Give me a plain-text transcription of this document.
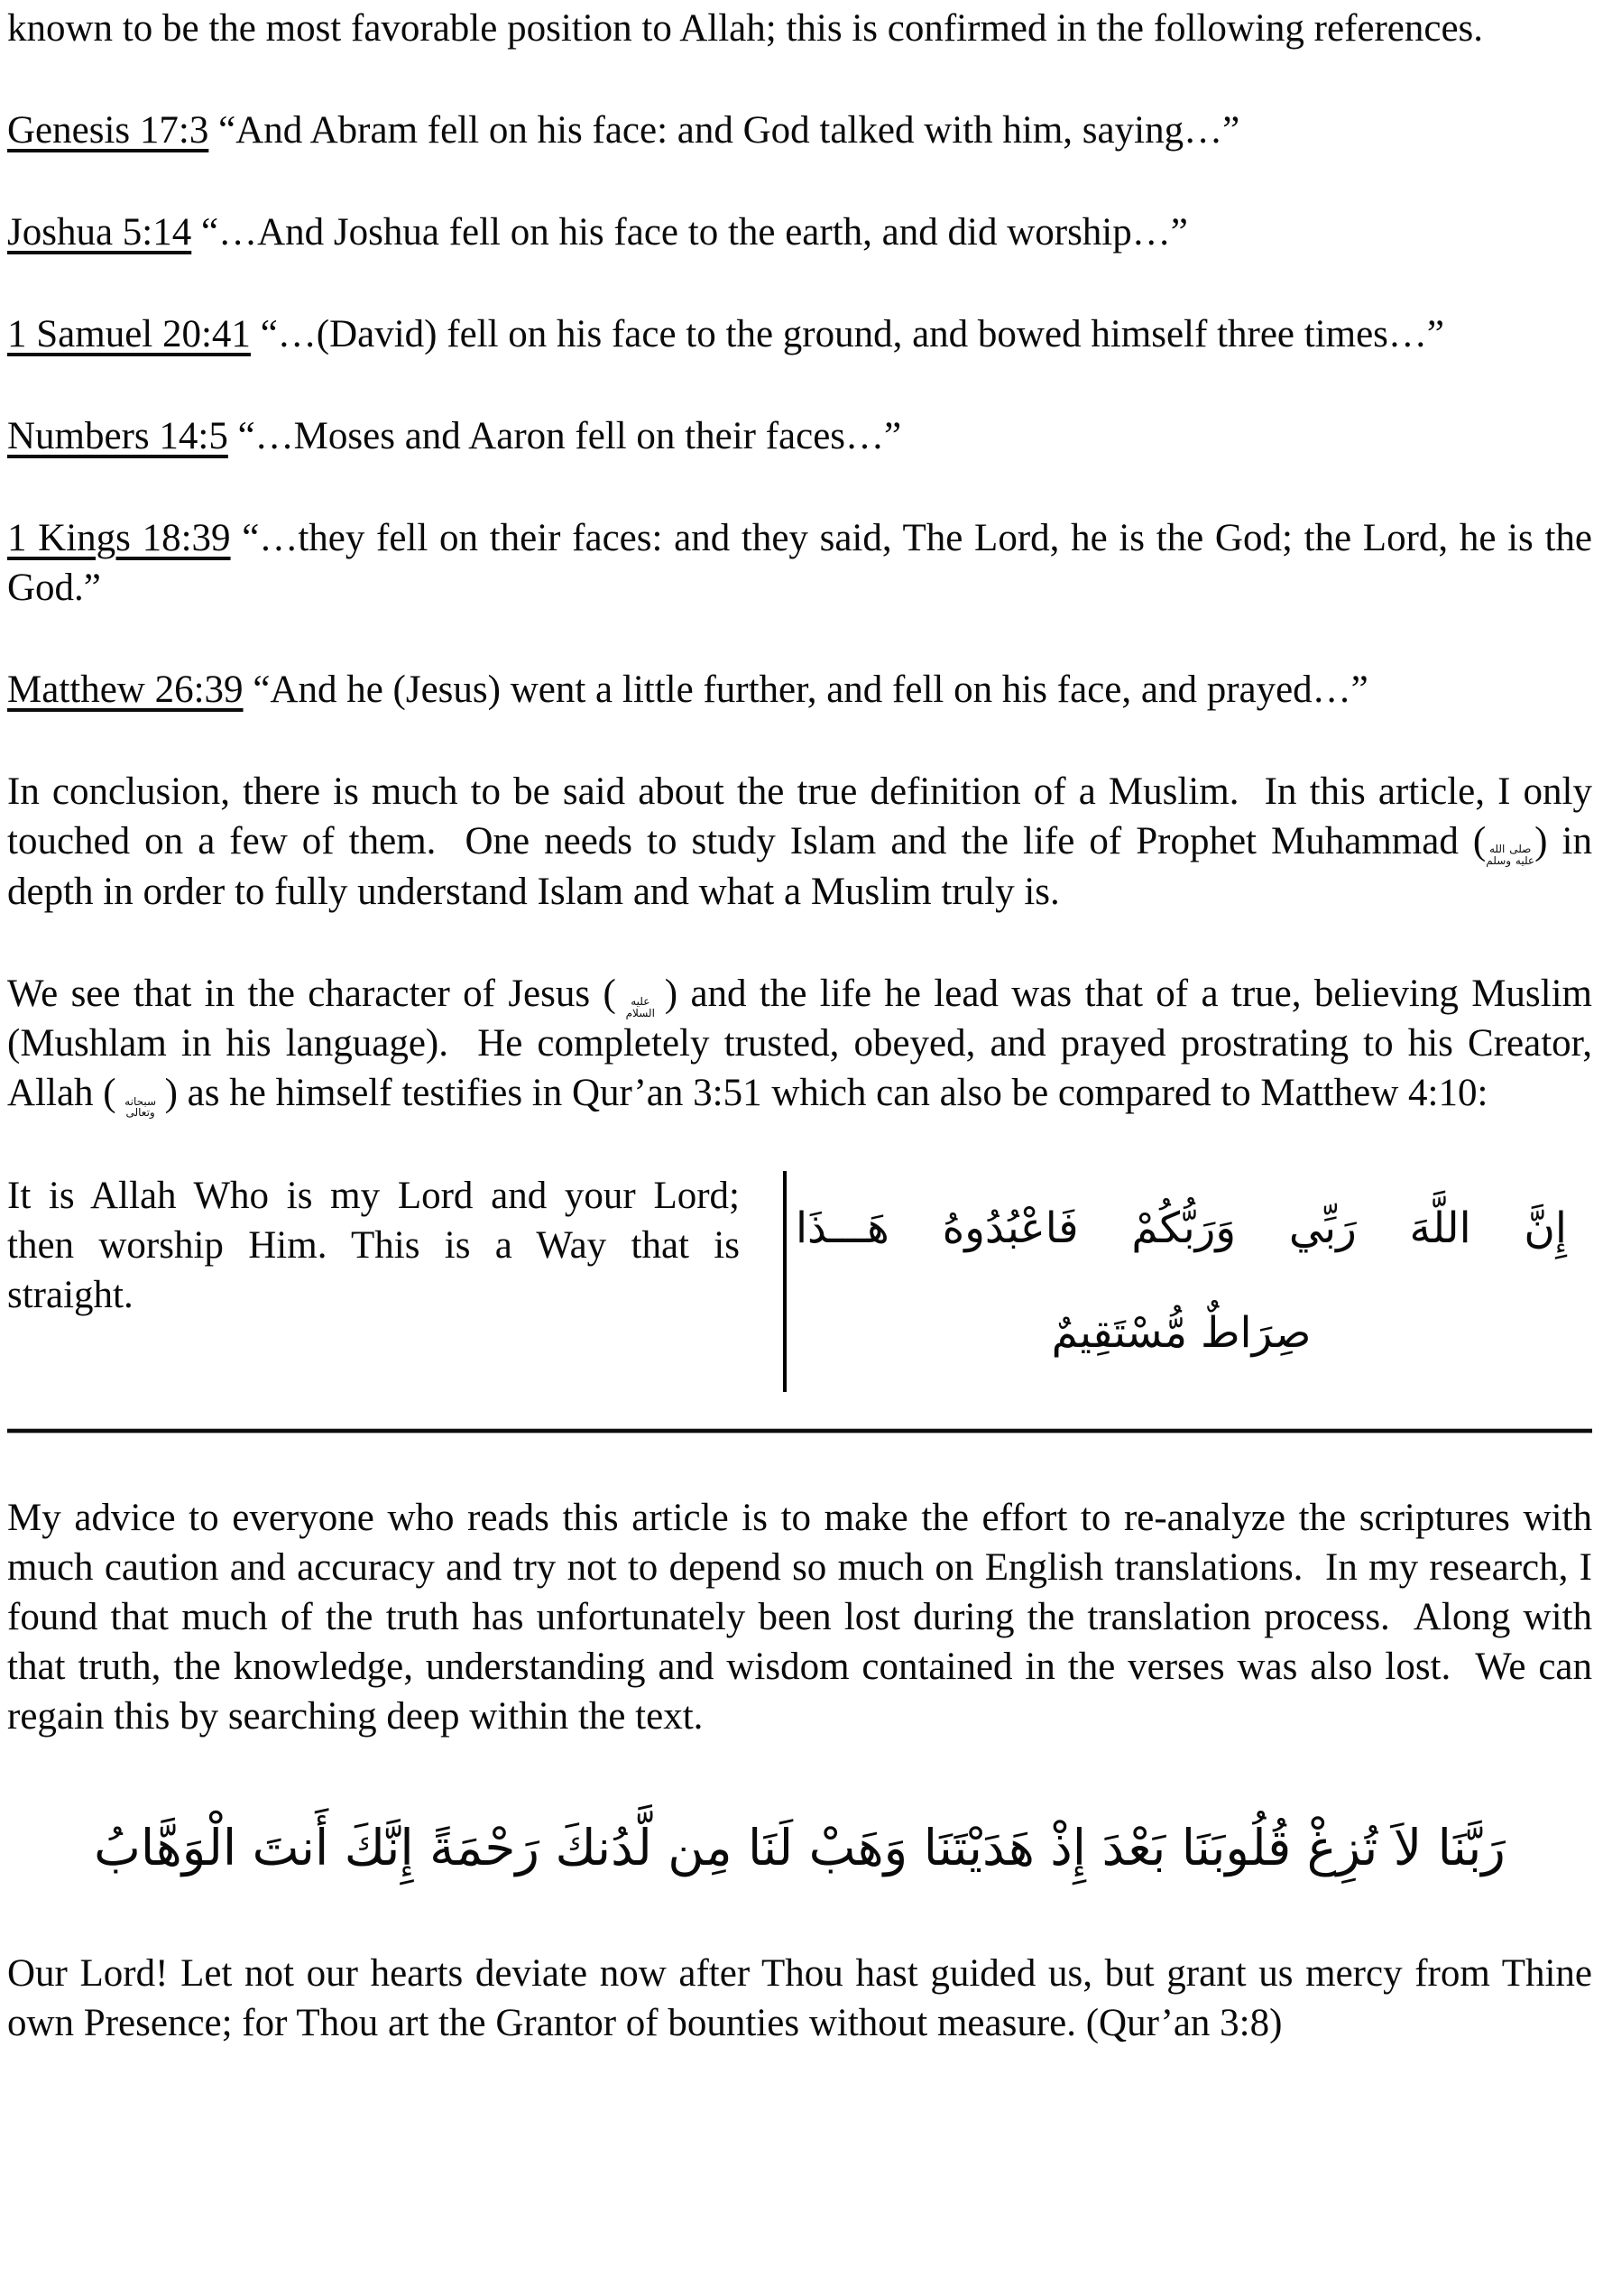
known to be the most favorable position to Allah; this is confirmed in the following references.

Genesis 17:3 “And Abram fell on his face: and God talked with him, saying…”

Joshua 5:14 “…And Joshua fell on his face to the earth, and did worship…”

1 Samuel 20:41 “…(David) fell on his face to the ground, and bowed himself three times…”

Numbers 14:5 “…Moses and Aaron fell on their faces…”

1 Kings 18:39 “…they fell on their faces: and they said, The Lord, he is the God; the Lord, he is the God.”

Matthew 26:39 “And he (Jesus) went a little further, and fell on his face, and prayed…”

In conclusion, there is much to be said about the true definition of a Muslim.  In this article, I only touched on a few of them.  One needs to study Islam and the life of Prophet Muhammad ( صلى الله عليه وسلم) in depth in order to fully understand Islam and what a Muslim truly is.

We see that in the character of Jesus ( عليه السلام ) and the life he lead was that of a true, believing Muslim (Mushlam in his language).  He completely trusted, obeyed, and prayed prostrating to his Creator, Allah ( سبحانه وتعالى ) as he himself testifies in Qur’an 3:51 which can also be compared to Matthew 4:10:

It is Allah Who is my Lord and your Lord; then worship Him. This is a Way that is straight.
إِنَّ اللَّهَ رَبِّي وَرَبُّكُمْ فَاعْبُدُوهُ هَـــذَا
صِرَاطٌ مُّسْتَقِيمٌ

My advice to everyone who reads this article is to make the effort to re-analyze the scriptures with much caution and accuracy and try not to depend so much on English translations.  In my research, I found that much of the truth has unfortunately been lost during the translation process.  Along with that truth, the knowledge, understanding and wisdom contained in the verses was also lost.  We can regain this by searching deep within the text.

رَبَّنَا لاَ تُزِغْ قُلُوبَنَا بَعْدَ إِذْ هَدَيْتَنَا وَهَبْ لَنَا مِن لَّدُنكَ رَحْمَةً إِنَّكَ أَنتَ الْوَهَّابُ

Our Lord! Let not our hearts deviate now after Thou hast guided us, but grant us mercy from Thine own Presence; for Thou art the Grantor of bounties without measure. (Qur’an 3:8)
